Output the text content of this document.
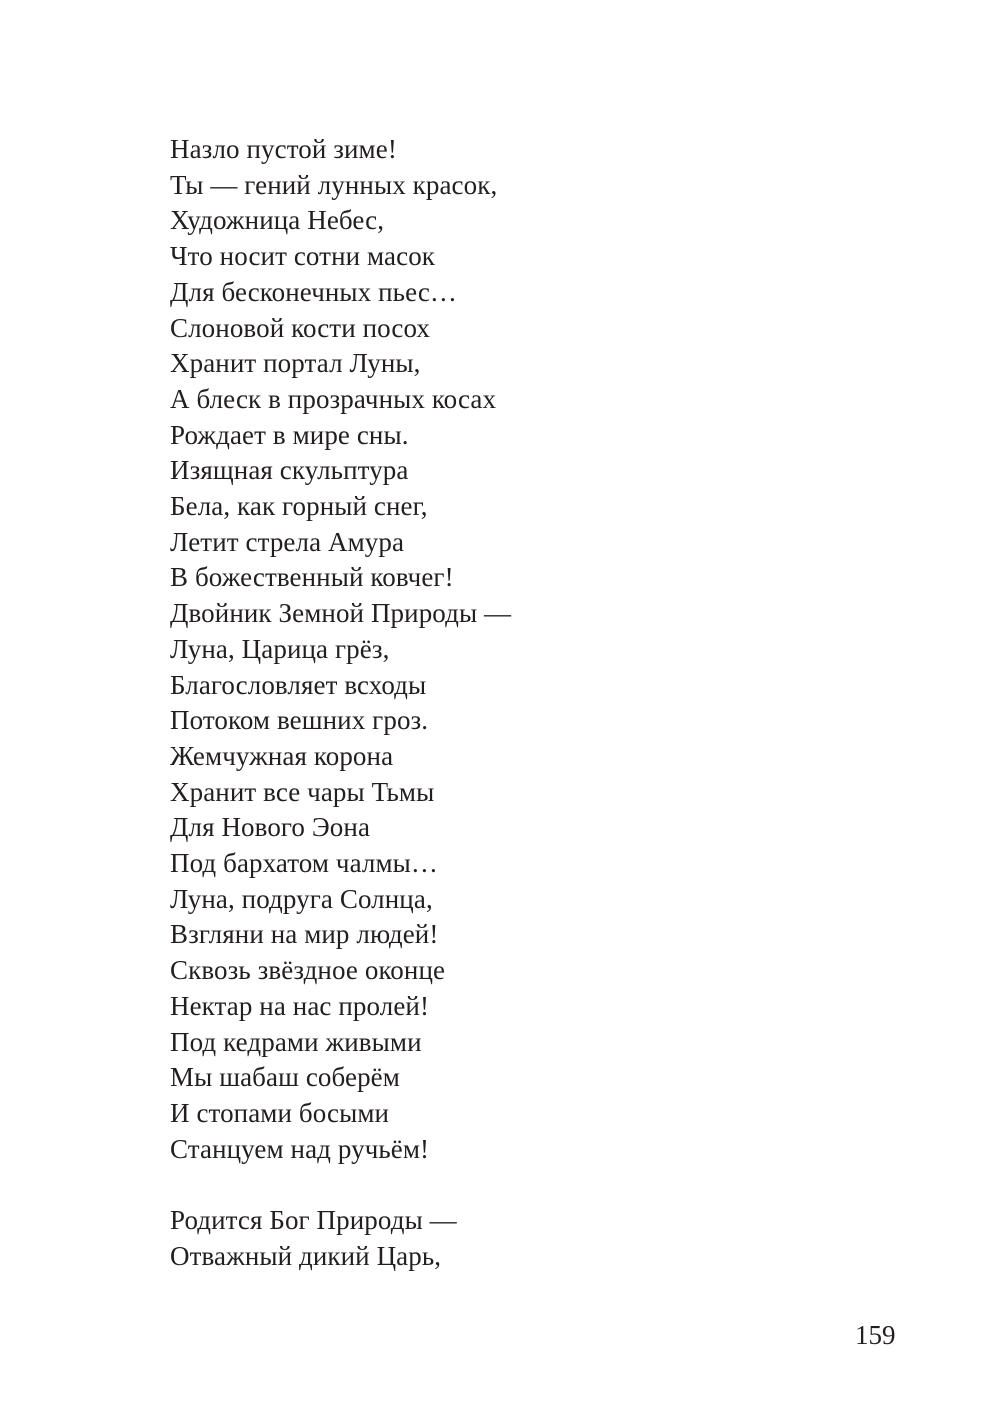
Назло пустой зиме!
Ты — гений лунных красок,
Художница Небес,
Что носит сотни масок
Для бесконечных пьес…
Слоновой кости посох
Хранит портал Луны,
А блеск в прозрачных косах
Рождает в мире сны.
Изящная скульптура
Бела, как горный снег,
Летит стрела Амура
В божественный ковчег!
Двойник Земной Природы —
Луна, Царица грёз,
Благословляет всходы
Потоком вешних гроз.
Жемчужная корона
Хранит все чары Тьмы
Для Нового Эона
Под бархатом чалмы…
Луна, подруга Солнца,
Взгляни на мир людей!
Сквозь звёздное оконце
Нектар на нас пролей!
Под кедрами живыми
Мы шабаш соберём
И стопами босыми
Станцуем над ручьём!
Родится Бог Природы —
Отважный дикий Царь,
159
